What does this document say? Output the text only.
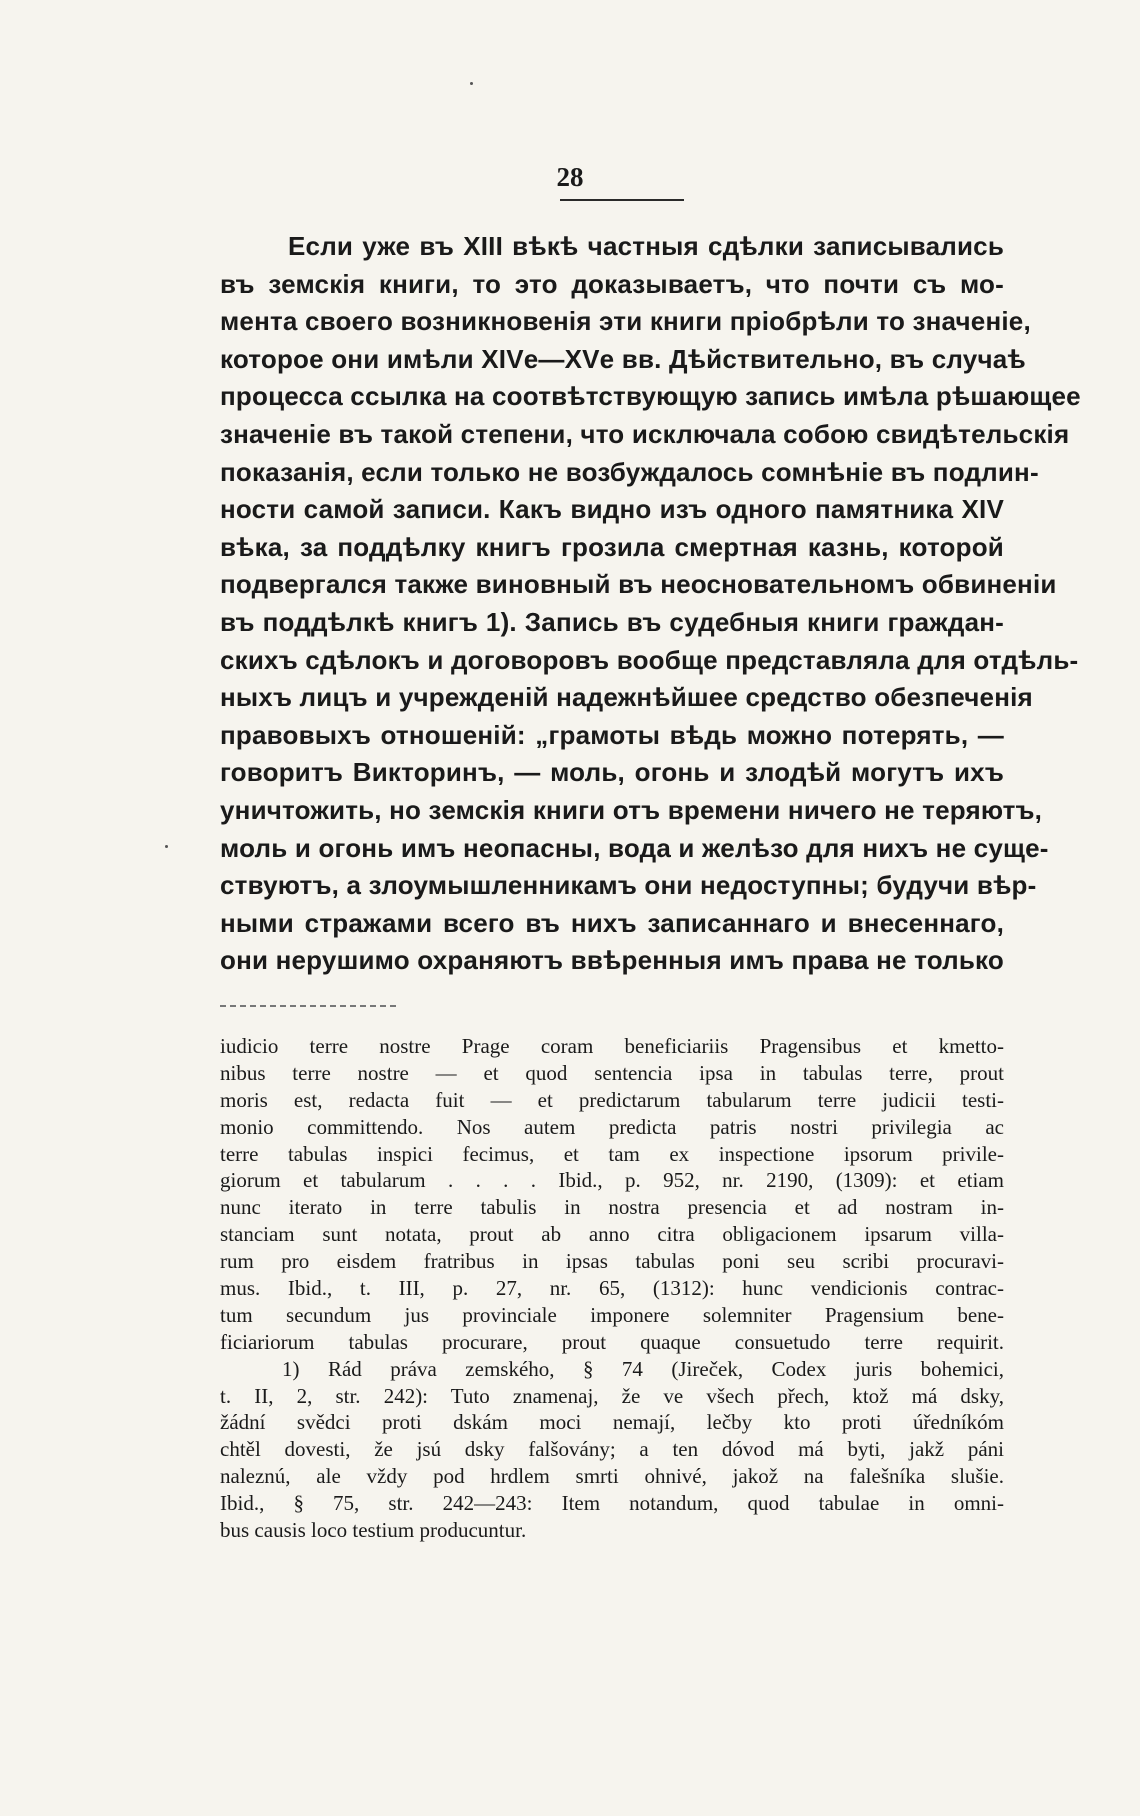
28
Если уже въ XIII вѣкѣ частныя сдѣлки записывались
въ земскія книги, то это доказываетъ, что почти съ мо-
мента своего возникновенія эти книги пріобрѣли то значеніе,
которое они имѣли XIVе—XVе вв. Дѣйствительно, въ случаѣ
процесса ссылка на соотвѣтствующую запись имѣла рѣшающее
значеніе въ такой степени, что исключала собою свидѣтельскія
показанія, если только не возбуждалось сомнѣніе въ подлин-
ности самой записи. Какъ видно изъ одного памятника XIV
вѣка, за поддѣлку книгъ грозила смертная казнь, которой
подвергался также виновный въ неосновательномъ обвиненіи
въ поддѣлкѣ книгъ 1). Запись въ судебныя книги граждан-
скихъ сдѣлокъ и договоровъ вообще представляла для отдѣль-
ныхъ лицъ и учрежденій надежнѣйшее средство обезпеченія
правовыхъ отношеній: „грамоты вѣдь можно потерять, —
говоритъ Викторинъ, — моль, огонь и злодѣй могутъ ихъ
уничтожить, но земскія книги отъ времени ничего не теряютъ,
моль и огонь имъ неопасны, вода и желѣзо для нихъ не суще-
ствуютъ, а злоумышленникамъ они недоступны; будучи вѣр-
ными стражами всего въ нихъ записаннаго и внесеннаго,
они нерушимо охраняютъ ввѣренныя имъ права не только
iudicio terre nostre Prage coram beneficiariis Pragensibus et kmetto-
nibus terre nostre — et quod sentencia ipsa in tabulas terre, prout
moris est, redacta fuit — et predictarum tabularum terre judicii testi-
monio committendo. Nos autem predicta patris nostri privilegia ac
terre tabulas inspici fecimus, et tam ex inspectione ipsorum privile-
giorum et tabularum . . . . Ibid., p. 952, nr. 2190, (1309): et etiam
nunc iterato in terre tabulis in nostra presencia et ad nostram in-
stanciam sunt notata, prout ab anno citra obligacionem ipsarum villa-
rum pro eisdem fratribus in ipsas tabulas poni seu scribi procuravi-
mus. Ibid., t. III, p. 27, nr. 65, (1312): hunc vendicionis contrac-
tum secundum jus provinciale imponere solemniter Pragensium bene-
ficiariorum tabulas procurare, prout quaque consuetudo terre requirit.
1) Rád práva zemského, § 74 (Jireček, Codex juris bohemici,
t. II, 2, str. 242): Tuto znamenaj, že ve všech přech, ktož má dsky,
žádní svědci proti dskám moci nemají, lečby kto proti úředníkóm
chtěl dovesti, že jsú dsky falšovány; a ten dóvod má byti, jakž páni
naleznú, ale vždy pod hrdlem smrti ohnivé, jakož na falešníka slušie.
Ibid., § 75, str. 242—243: Item notandum, quod tabulae in omni-
bus causis loco testium producuntur.
